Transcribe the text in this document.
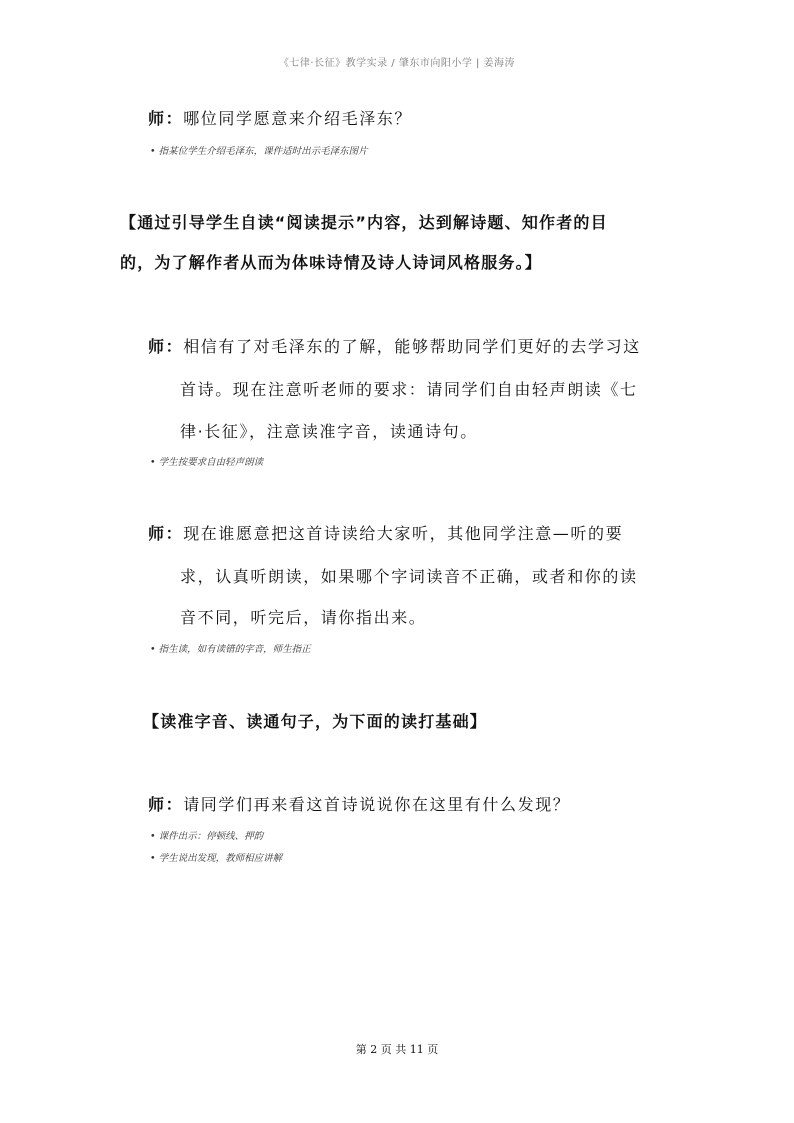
《七律·长征》教学实录 / 肇东市向阳小学 | 姜海涛
师：哪位同学愿意来介绍毛泽东？
• 指某位学生介绍毛泽东，课件适时出示毛泽东图片
【通过引导学生自读“阅读提示”内容，达到解诗题、知作者的目
的，为了解作者从而为体味诗情及诗人诗词风格服务。】
师：相信有了对毛泽东的了解，能够帮助同学们更好的去学习这
首诗。现在注意听老师的要求：请同学们自由轻声朗读《七
律·长征》，注意读准字音，读通诗句。
• 学生按要求自由轻声朗读
师：现在谁愿意把这首诗读给大家听，其他同学注意—听的要
求，认真听朗读，如果哪个字词读音不正确，或者和你的读
音不同，听完后，请你指出来。
• 指生读，如有读错的字音，师生指正
【读准字音、读通句子，为下面的读打基础】
师：请同学们再来看这首诗说说你在这里有什么发现？
• 课件出示：停顿线、押韵
• 学生说出发现，教师相应讲解
第 2 页 共 11 页
